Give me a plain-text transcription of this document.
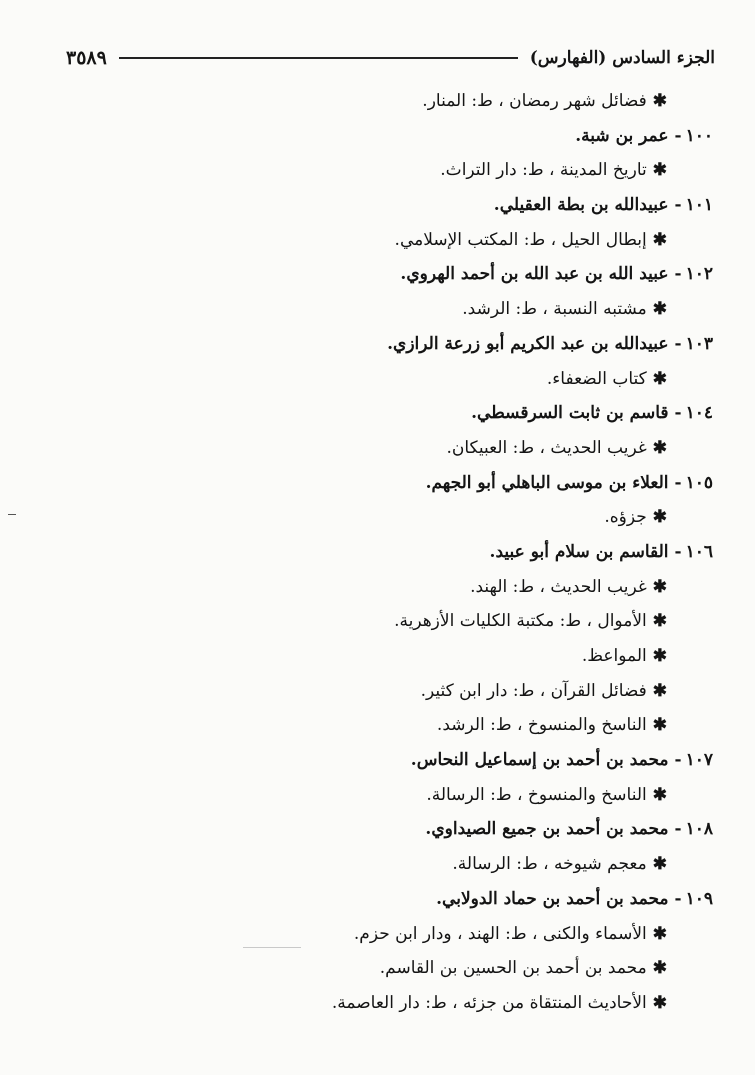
الجزء السادس (الفهارس)
٣٥٨٩
✱فضائل شهر رمضان ، ط: المنار.
١٠٠-عمر بن شبة.
✱تاريخ المدينة ، ط: دار التراث.
١٠١-عبيدالله بن بطة العقيلي.
✱إبطال الحيل ، ط: المكتب الإسلامي.
١٠٢-عبيد الله بن عبد الله بن أحمد الهروي.
✱مشتبه النسبة ، ط: الرشد.
١٠٣-عبيدالله بن عبد الكريم أبو زرعة الرازي.
✱كتاب الضعفاء.
١٠٤-قاسم بن ثابت السرقسطي.
✱غريب الحديث ، ط: العبيكان.
١٠٥-العلاء بن موسى الباهلي أبو الجهم.
✱جزؤه.
١٠٦-القاسم بن سلام أبو عبيد.
✱غريب الحديث ، ط: الهند.
✱الأموال ، ط: مكتبة الكليات الأزهرية.
✱المواعظ.
✱فضائل القرآن ، ط: دار ابن كثير.
✱الناسخ والمنسوخ ، ط: الرشد.
١٠٧-محمد بن أحمد بن إسماعيل النحاس.
✱الناسخ والمنسوخ ، ط: الرسالة.
١٠٨-محمد بن أحمد بن جميع الصيداوي.
✱معجم شيوخه ، ط: الرسالة.
١٠٩-محمد بن أحمد بن حماد الدولابي.
✱الأسماء والكنى ، ط: الهند ، ودار ابن حزم.
✱محمد بن أحمد بن الحسين بن القاسم.
✱الأحاديث المنتقاة من جزئه ، ط: دار العاصمة.
